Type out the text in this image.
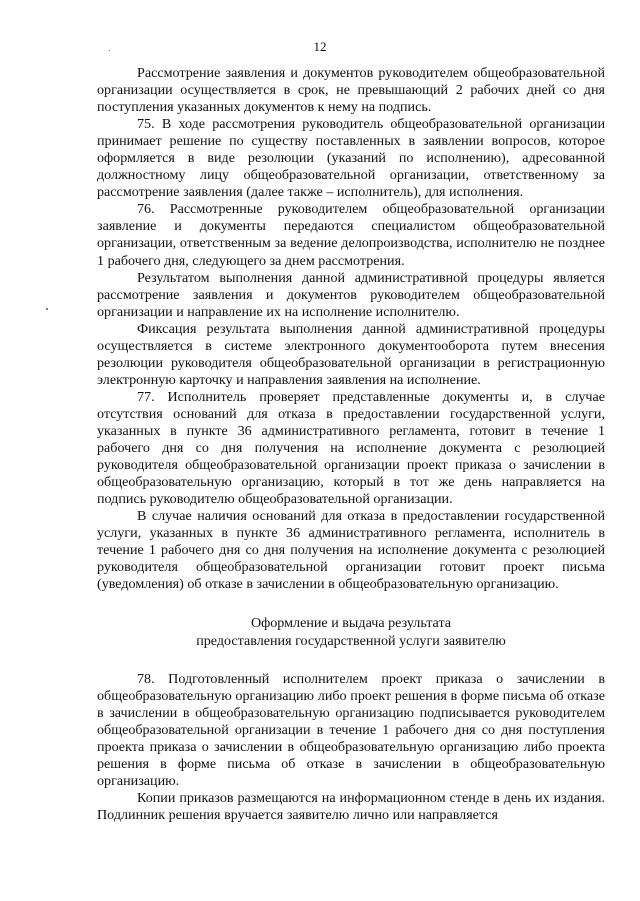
12

Рассмотрение заявления и документов руководителем общеобразовательной организации осуществляется в срок, не превышающий 2 рабочих дней со дня поступления указанных документов к нему на подпись.

75. В ходе рассмотрения руководитель общеобразовательной организации принимает решение по существу поставленных в заявлении вопросов, которое оформляется в виде резолюции (указаний по исполнению), адресованной должностному лицу общеобразовательной организации, ответственному за рассмотрение заявления (далее также – исполнитель), для исполнения.

76. Рассмотренные руководителем общеобразовательной организации заявление и документы передаются специалистом общеобразовательной организации, ответственным за ведение делопроизводства, исполнителю не позднее 1 рабочего дня, следующего за днем рассмотрения.

Результатом выполнения данной административной процедуры является рассмотрение заявления и документов руководителем общеобразовательной организации и направление их на исполнение исполнителю.

Фиксация результата выполнения данной административной процедуры осуществляется в системе электронного документооборота путем внесения резолюции руководителя общеобразовательной организации в регистрационную электронную карточку и направления заявления на исполнение.

77. Исполнитель проверяет представленные документы и, в случае отсутствия оснований для отказа в предоставлении государственной услуги, указанных в пункте 36 административного регламента, готовит в течение 1 рабочего дня со дня получения на исполнение документа с резолюцией руководителя общеобразовательной организации проект приказа о зачислении в общеобразовательную организацию, который в тот же день направляется на подпись руководителю общеобразовательной организации.

В случае наличия оснований для отказа в предоставлении государственной услуги, указанных в пункте 36 административного регламента, исполнитель в течение 1 рабочего дня со дня получения на исполнение документа с резолюцией руководителя общеобразовательной организации готовит проект письма (уведомления) об отказе в зачислении в общеобразовательную организацию.

Оформление и выдача результата
предоставления государственной услуги заявителю

78. Подготовленный исполнителем проект приказа о зачислении в общеобразовательную организацию либо проект решения в форме письма об отказе в зачислении в общеобразовательную организацию подписывается руководителем общеобразовательной организации в течение 1 рабочего дня со дня поступления проекта приказа о зачислении в общеобразовательную организацию либо проекта решения в форме письма об отказе в зачислении в общеобразовательную организацию.

Копии приказов размещаются на информационном стенде в день их издания. Подлинник решения вручается заявителю лично или направляется
